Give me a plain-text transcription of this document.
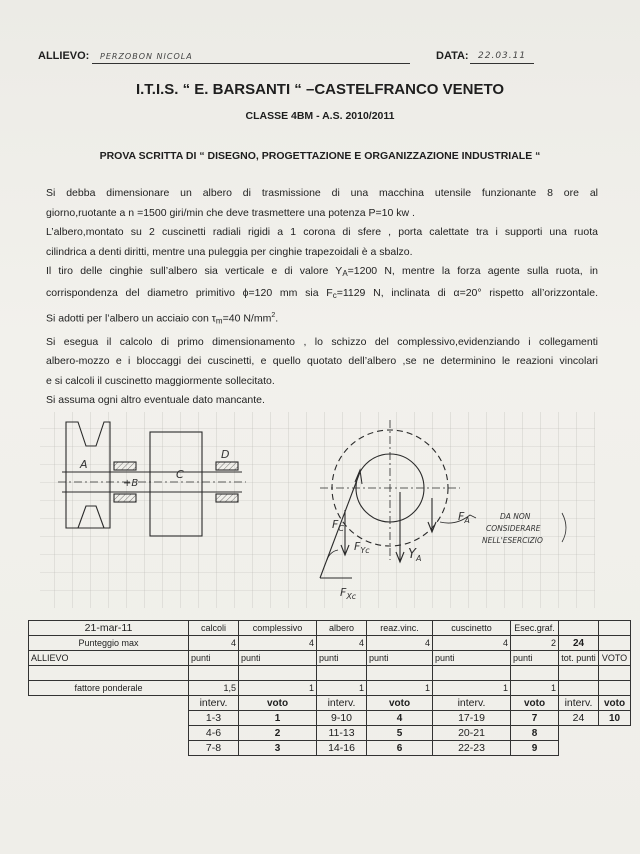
ALLIEVO: PERZOBON NICOLA	DATA: 22.03.11
I.T.I.S. “ E. BARSANTI “ –CASTELFRANCO VENETO
CLASSE 4BM - A.S. 2010/2011
PROVA SCRITTA DI “ DISEGNO, PROGETTAZIONE E ORGANIZZAZIONE INDUSTRIALE “

Si debba dimensionare un albero di trasmissione di una macchina utensile funzionante 8 ore al

giorno,ruotante a n =1500 giri/min che deve trasmettere una potenza P=10 kw .

L’albero,montato su 2 cuscinetti radiali rigidi a 1 corona di sfere , porta calettate tra i supporti una ruota

cilindrica a denti diritti, mentre una puleggia per cinghie trapezoidali è a sbalzo.

Il tiro delle cinghie sull’albero sia verticale e di valore $Y_A=1200$ N, mentre la forza agente sulla ruota, in

corrispondenza del diametro primitivo ϕ=120 mm sia $F_c=1129$ N, inclinata di α=20° rispetto all’orizzontale.

Si adotti per l’albero un acciaio con $\tau_m=40$ $N/mm^2$.

Si esegua il calcolo di primo dimensionamento , lo schizzo del complessivo,evidenziando i collegamenti

albero-mozzo e i bloccaggi dei cuscinetti, e quello quotato dell’albero ,se ne determinino le reazioni vincolari

e si calcoli il cuscinetto maggiormente sollecitato.

Si assuma ogni altro eventuale dato mancante.

A
+B
C
D
$F_A$
$F_C$
$F_{Yc}$	$Y_A$
$F_{Xc}$
DA NON
CONSIDERARE
NELL'ESERCIZIO
21-mar-11	calcoli	complessivo	albero	reaz.vinc.	cuscinetto	Esec.graf.		
Punteggio max	4	4	4	4	4	2	24	
ALLIEVO	punti	punti	punti	punti	punti	punti	tot. punti	VOTO

fattore ponderale	1,5	1	1	1	1	1		
	interv.	voto	interv.	voto	interv.	voto	interv.	voto
	1-3	1	9-10	4	17-19	7	24	10
	4-6	2	11-13	5	20-21	8		
	7-8	3	14-16	6	22-23	9		
